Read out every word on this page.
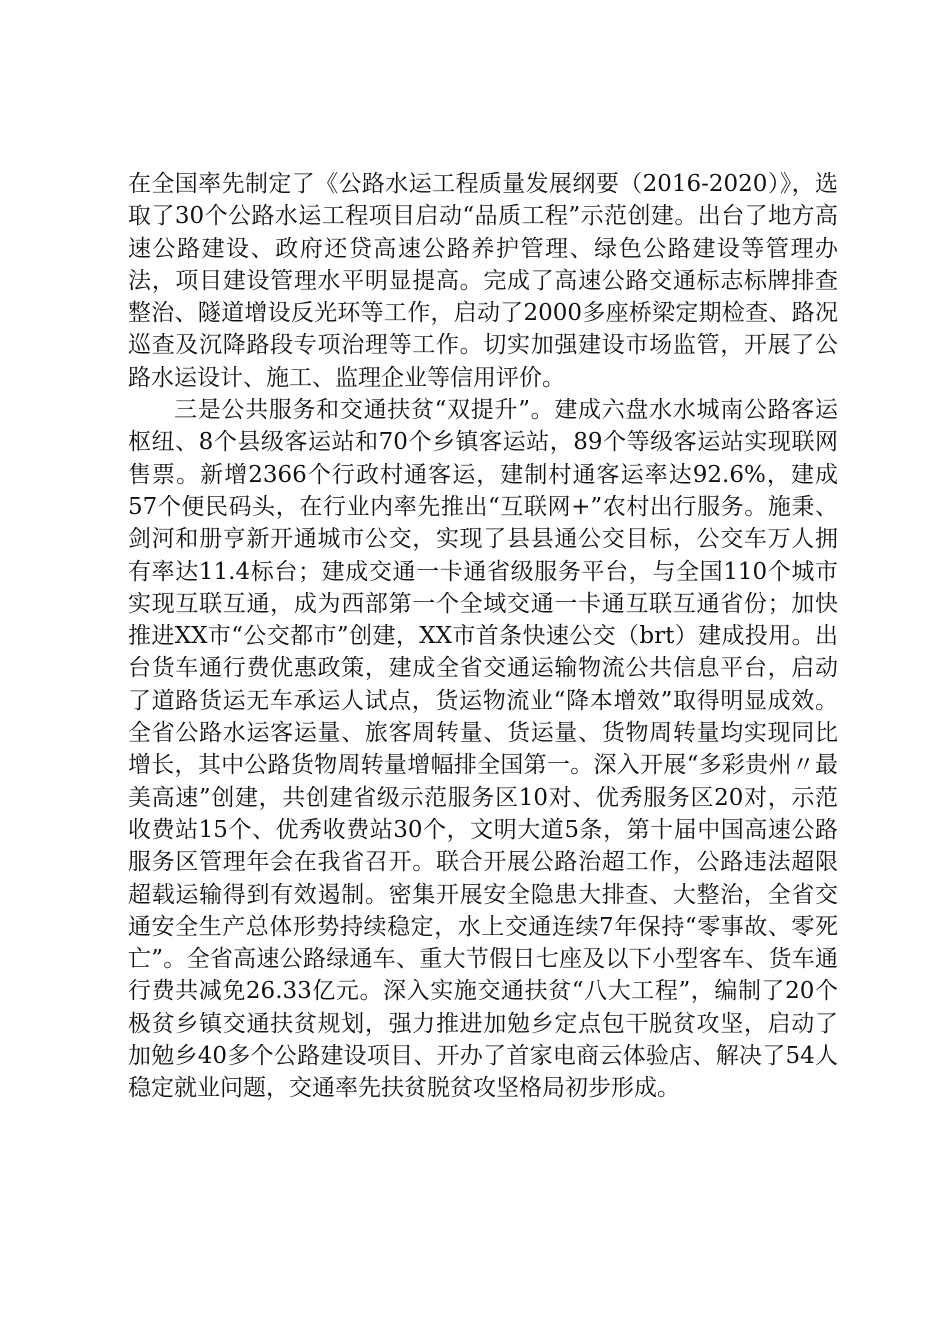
在全国率先制定了《公路水运工程质量发展纲要（2016-2020）》，选取了30个公路水运工程项目启动“品质工程”示范创建。出台了地方高速公路建设、政府还贷高速公路养护管理、绿色公路建设等管理办法，项目建设管理水平明显提高。完成了高速公路交通标志标牌排查整治、隧道增设反光环等工作，启动了2000多座桥梁定期检查、路况巡查及沉降路段专项治理等工作。切实加强建设市场监管，开展了公路水运设计、施工、监理企业等信用评价。

三是公共服务和交通扶贫“双提升”。建成六盘水水城南公路客运枢纽、8个县级客运站和70个乡镇客运站，89个等级客运站实现联网售票。新增2366个行政村通客运，建制村通客运率达92.6%，建成57个便民码头，在行业内率先推出“互联网+”农村出行服务。施秉、剑河和册亨新开通城市公交，实现了县县通公交目标，公交车万人拥有率达11.4标台；建成交通一卡通省级服务平台，与全国110个城市实现互联互通，成为西部第一个全域交通一卡通互联互通省份；加快推进XX市“公交都市”创建，XX市首条快速公交（brt）建成投用。出台货车通行费优惠政策，建成全省交通运输物流公共信息平台，启动了道路货运无车承运人试点，货运物流业“降本增效”取得明显成效。全省公路水运客运量、旅客周转量、货运量、货物周转量均实现同比增长，其中公路货物周转量增幅排全国第一。深入开展“多彩贵州〃最美高速”创建，共创建省级示范服务区10对、优秀服务区20对，示范收费站15个、优秀收费站30个，文明大道5条，第十届中国高速公路服务区管理年会在我省召开。联合开展公路治超工作，公路违法超限超载运输得到有效遏制。密集开展安全隐患大排查、大整治，全省交通安全生产总体形势持续稳定，水上交通连续7年保持“零事故、零死亡”。全省高速公路绿通车、重大节假日七座及以下小型客车、货车通行费共减免26.33亿元。深入实施交通扶贫“八大工程”，编制了20个极贫乡镇交通扶贫规划，强力推进加勉乡定点包干脱贫攻坚，启动了加勉乡40多个公路建设项目、开办了首家电商云体验店、解决了54人稳定就业问题，交通率先扶贫脱贫攻坚格局初步形成。
